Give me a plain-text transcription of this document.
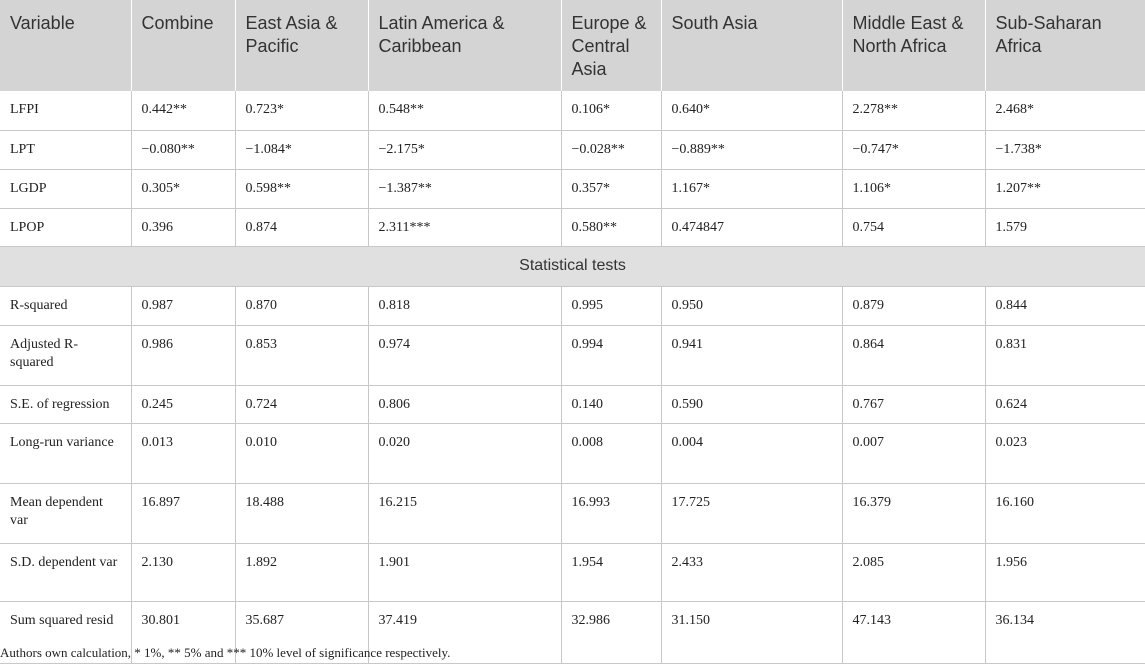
Variable	Combine	East Asia & Pacific	Latin America & Caribbean	Europe & Central Asia	South Asia	Middle East & North Africa	Sub-Saharan Africa
LFPI	0.442**	0.723*	0.548**	0.106*	0.640*	2.278**	2.468*
LPT	−0.080**	−1.084*	−2.175*	−0.028**	−0.889**	−0.747*	−1.738*
LGDP	0.305*	0.598**	−1.387**	0.357*	1.167*	1.106*	1.207**
LPOP	0.396	0.874	2.311***	0.580**	0.474847	0.754	1.579
Statistical tests							
R-squared	0.987	0.870	0.818	0.995	0.950	0.879	0.844
Adjusted R-squared	0.986	0.853	0.974	0.994	0.941	0.864	0.831
S.E. of regression	0.245	0.724	0.806	0.140	0.590	0.767	0.624
Long-run variance	0.013	0.010	0.020	0.008	0.004	0.007	0.023
Mean dependent var	16.897	18.488	16.215	16.993	17.725	16.379	16.160
S.D. dependent var	2.130	1.892	1.901	1.954	2.433	2.085	1.956
Sum squared resid	30.801	35.687	37.419	32.986	31.150	47.143	36.134
Authors own calculation, * 1%, ** 5% and *** 10% level of significance respectively.
